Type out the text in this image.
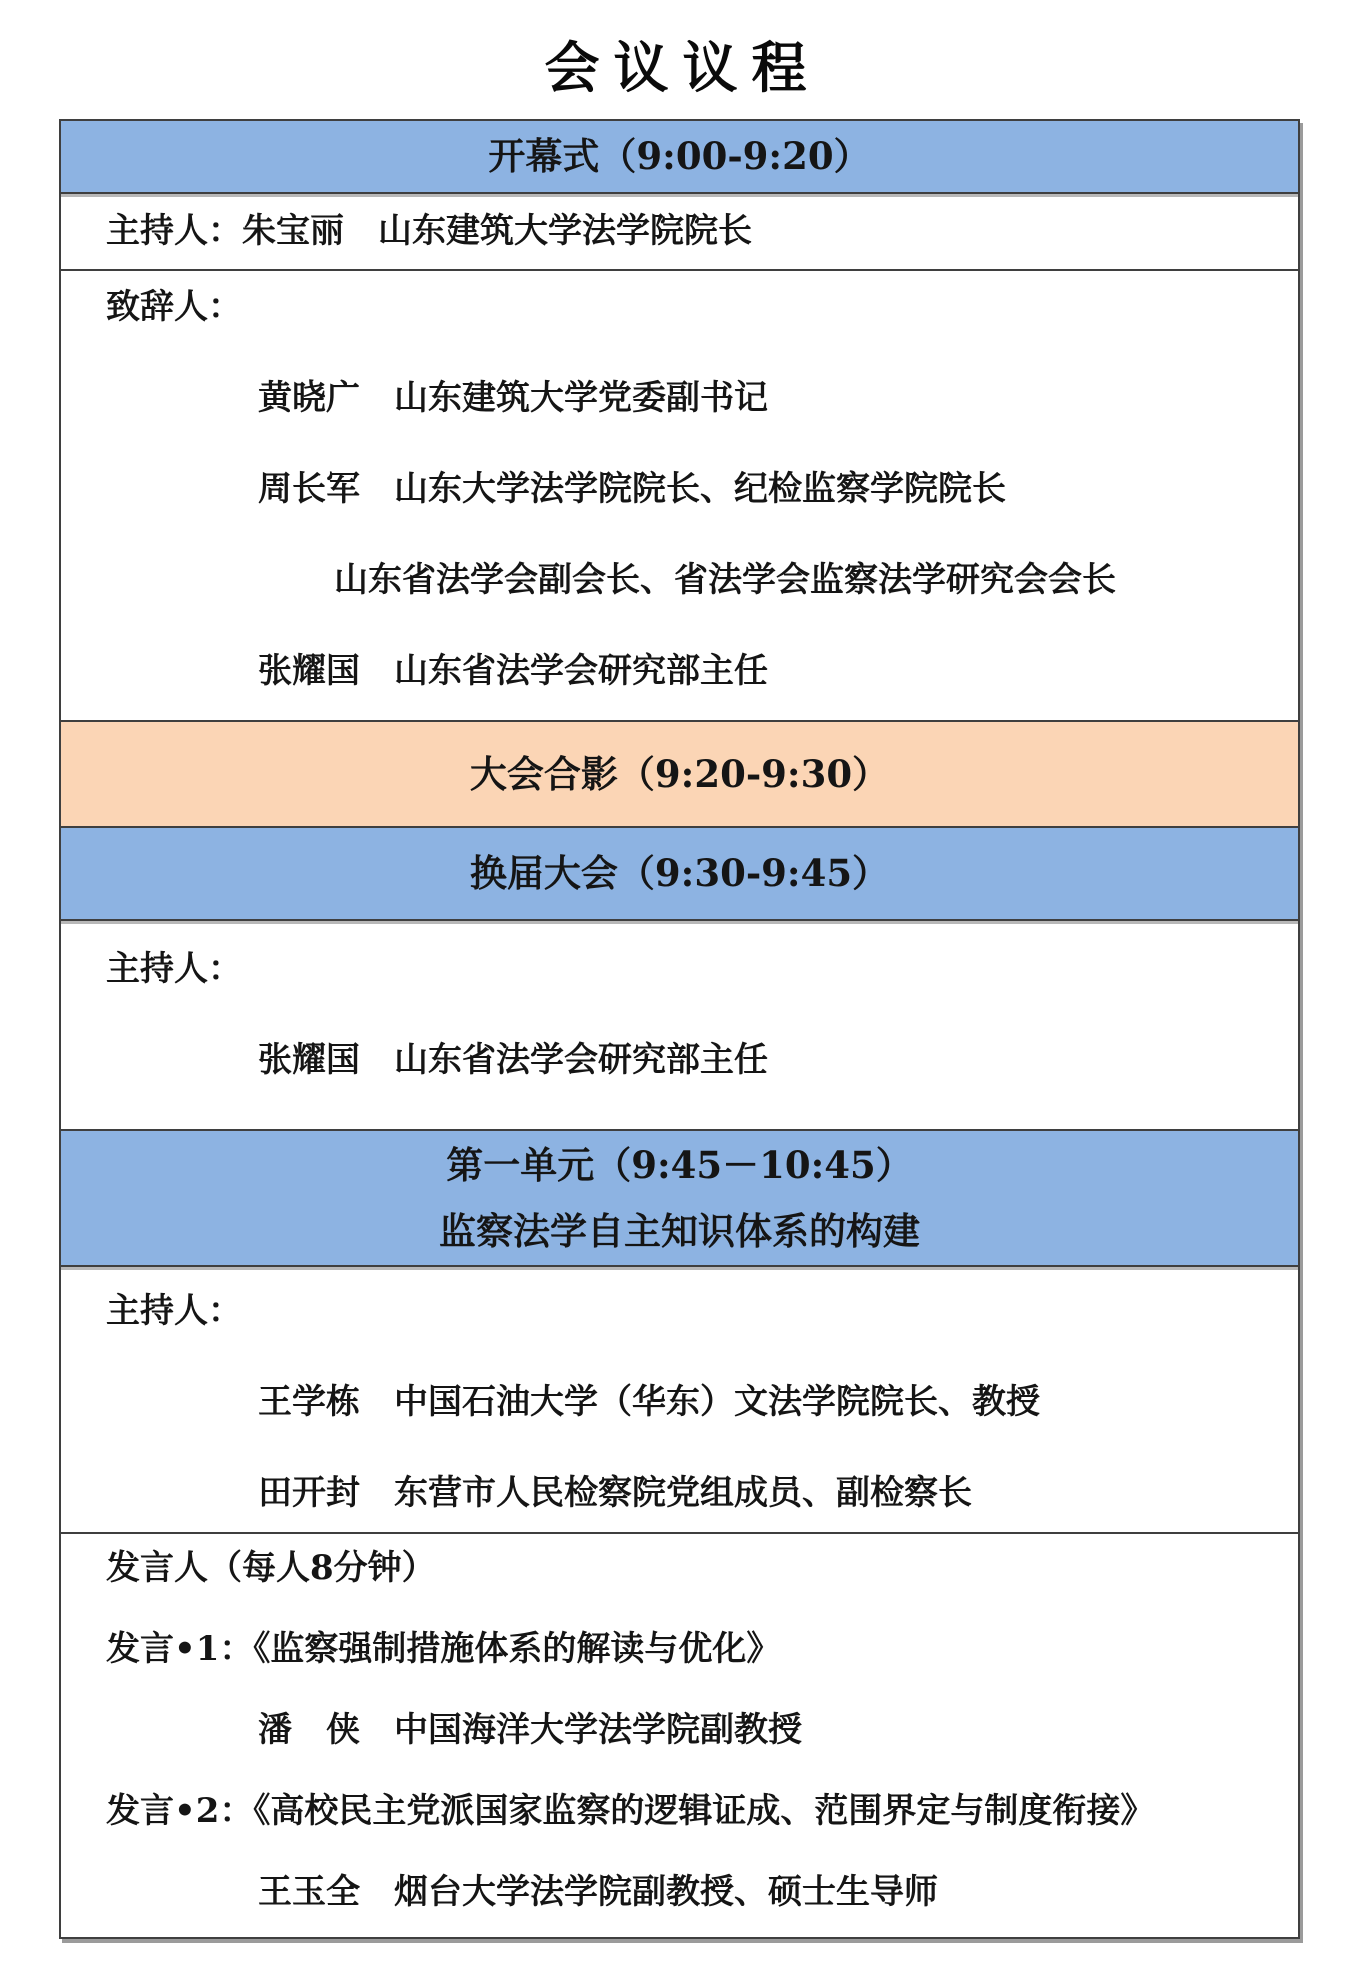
会议议程
开幕式（9:00-9:20）
主持人：朱宝丽　山东建筑大学法学院院长
致辞人：
黄晓广　山东建筑大学党委副书记
周长军　山东大学法学院院长、纪检监察学院院长
山东省法学会副会长、省法学会监察法学研究会会长
张耀国　山东省法学会研究部主任
大会合影（9:20-9:30）
换届大会（9:30-9:45）
主持人：
张耀国　山东省法学会研究部主任
第一单元（9:45－10:45）
监察法学自主知识体系的构建
主持人：
王学栋　中国石油大学（华东）文法学院院长、教授
田开封　东营市人民检察院党组成员、副检察长
发言人（每人8分钟）
发言•1：《监察强制措施体系的解读与优化》
潘　侠　中国海洋大学法学院副教授
发言•2：《高校民主党派国家监察的逻辑证成、范围界定与制度衔接》
王玉全　烟台大学法学院副教授、硕士生导师
